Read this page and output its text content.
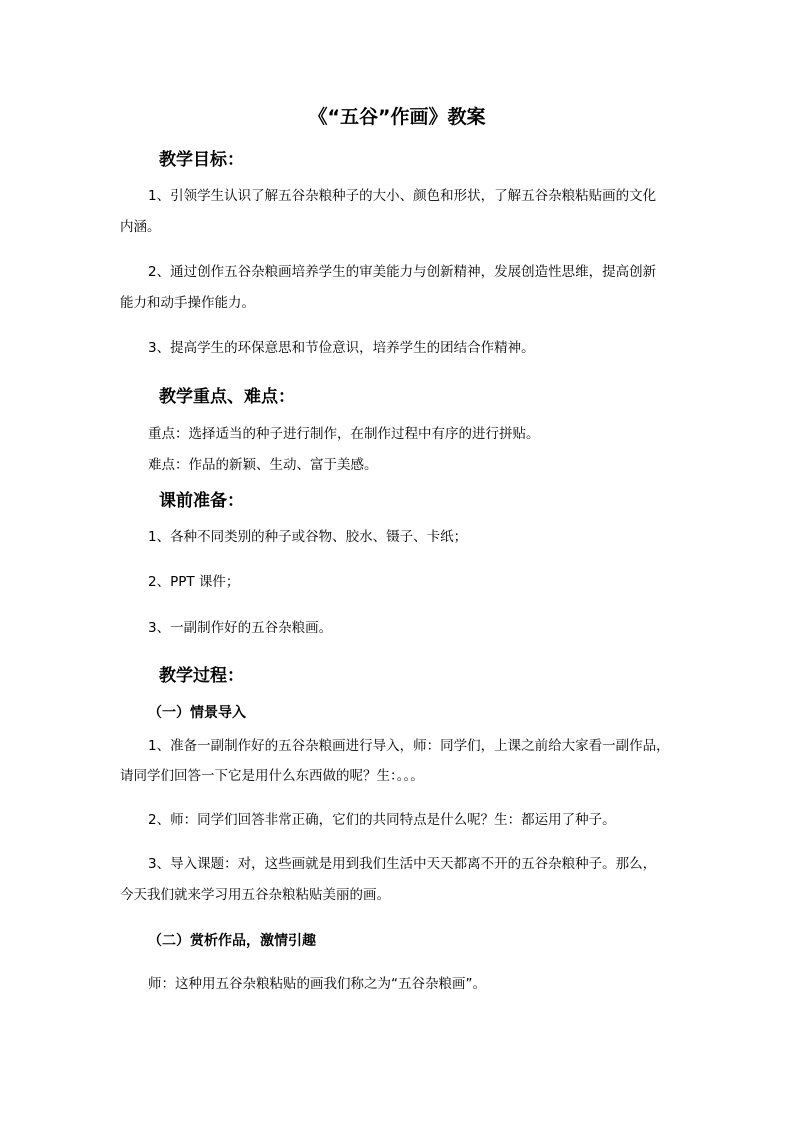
《“五谷”作画》教案
教学目标：
1、引领学生认识了解五谷杂粮种子的大小、颜色和形状，了解五谷杂粮粘贴画的文化
内涵。
2、通过创作五谷杂粮画培养学生的审美能力与创新精神，发展创造性思维，提高创新
能力和动手操作能力。
3、提高学生的环保意思和节俭意识，培养学生的团结合作精神。
教学重点、难点：
重点：选择适当的种子进行制作，在制作过程中有序的进行拼贴。
难点：作品的新颖、生动、富于美感。
课前准备：
1、各种不同类别的种子或谷物、胶水、镊子、卡纸；
2、PPT 课件；
3、一副制作好的五谷杂粮画。
教学过程：
（一）情景导入
1、准备一副制作好的五谷杂粮画进行导入，师：同学们，上课之前给大家看一副作品，
请同学们回答一下它是用什么东西做的呢？生：。。。
2、师：同学们回答非常正确，它们的共同特点是什么呢？生：都运用了种子。
3、导入课题：对，这些画就是用到我们生活中天天都离不开的五谷杂粮种子。那么，
今天我们就来学习用五谷杂粮粘贴美丽的画。
（二）赏析作品，激情引趣
师：这种用五谷杂粮粘贴的画我们称之为“五谷杂粮画”。
